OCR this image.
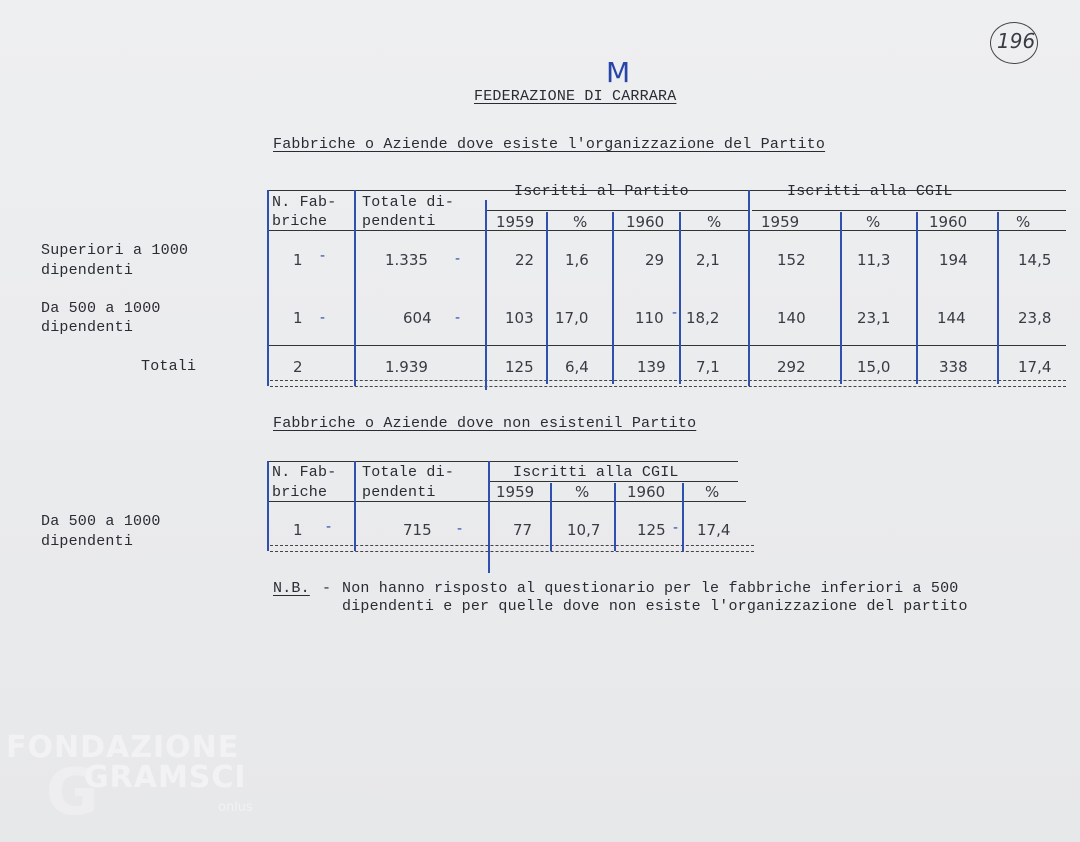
196
M
FEDERAZIONE DI CARRARA
Fabbriche o Aziende dove esiste l'organizzazione del Partito
N. Fab-
briche
Totale di-
pendenti
Iscritti al Partito	Iscritti alla CGIL
1959	%	1960	%	1959	%	1960	%
Superiori a 1000
dipendenti
1	1.335	22 1,6	29 2,1	152	11,3	194	14,5
Da 500 a 1000
dipendenti
1	604	103 17,0	110 18,2	140	23,1	144	23,8
Totali	2	1.939	125 6,4	139 7,1	292	15,0	338	17,4
-	-
-	-	-
Fabbriche o Aziende dove non esistenil Partito
N. Fab-
briche
Totale di-
pendenti
Iscritti alla CGIL
1959	%	1960	%
Da 500 a 1000
dipendenti
1	715	77 10,7 125 17,4
-	-	-
N.B. - Non hanno risposto al questionario per le fabbriche inferiori a 500
dipendenti e per quelle dove non esiste l'organizzazione del partito
FONDAZIONE
GRAMSCI
onlus
G
